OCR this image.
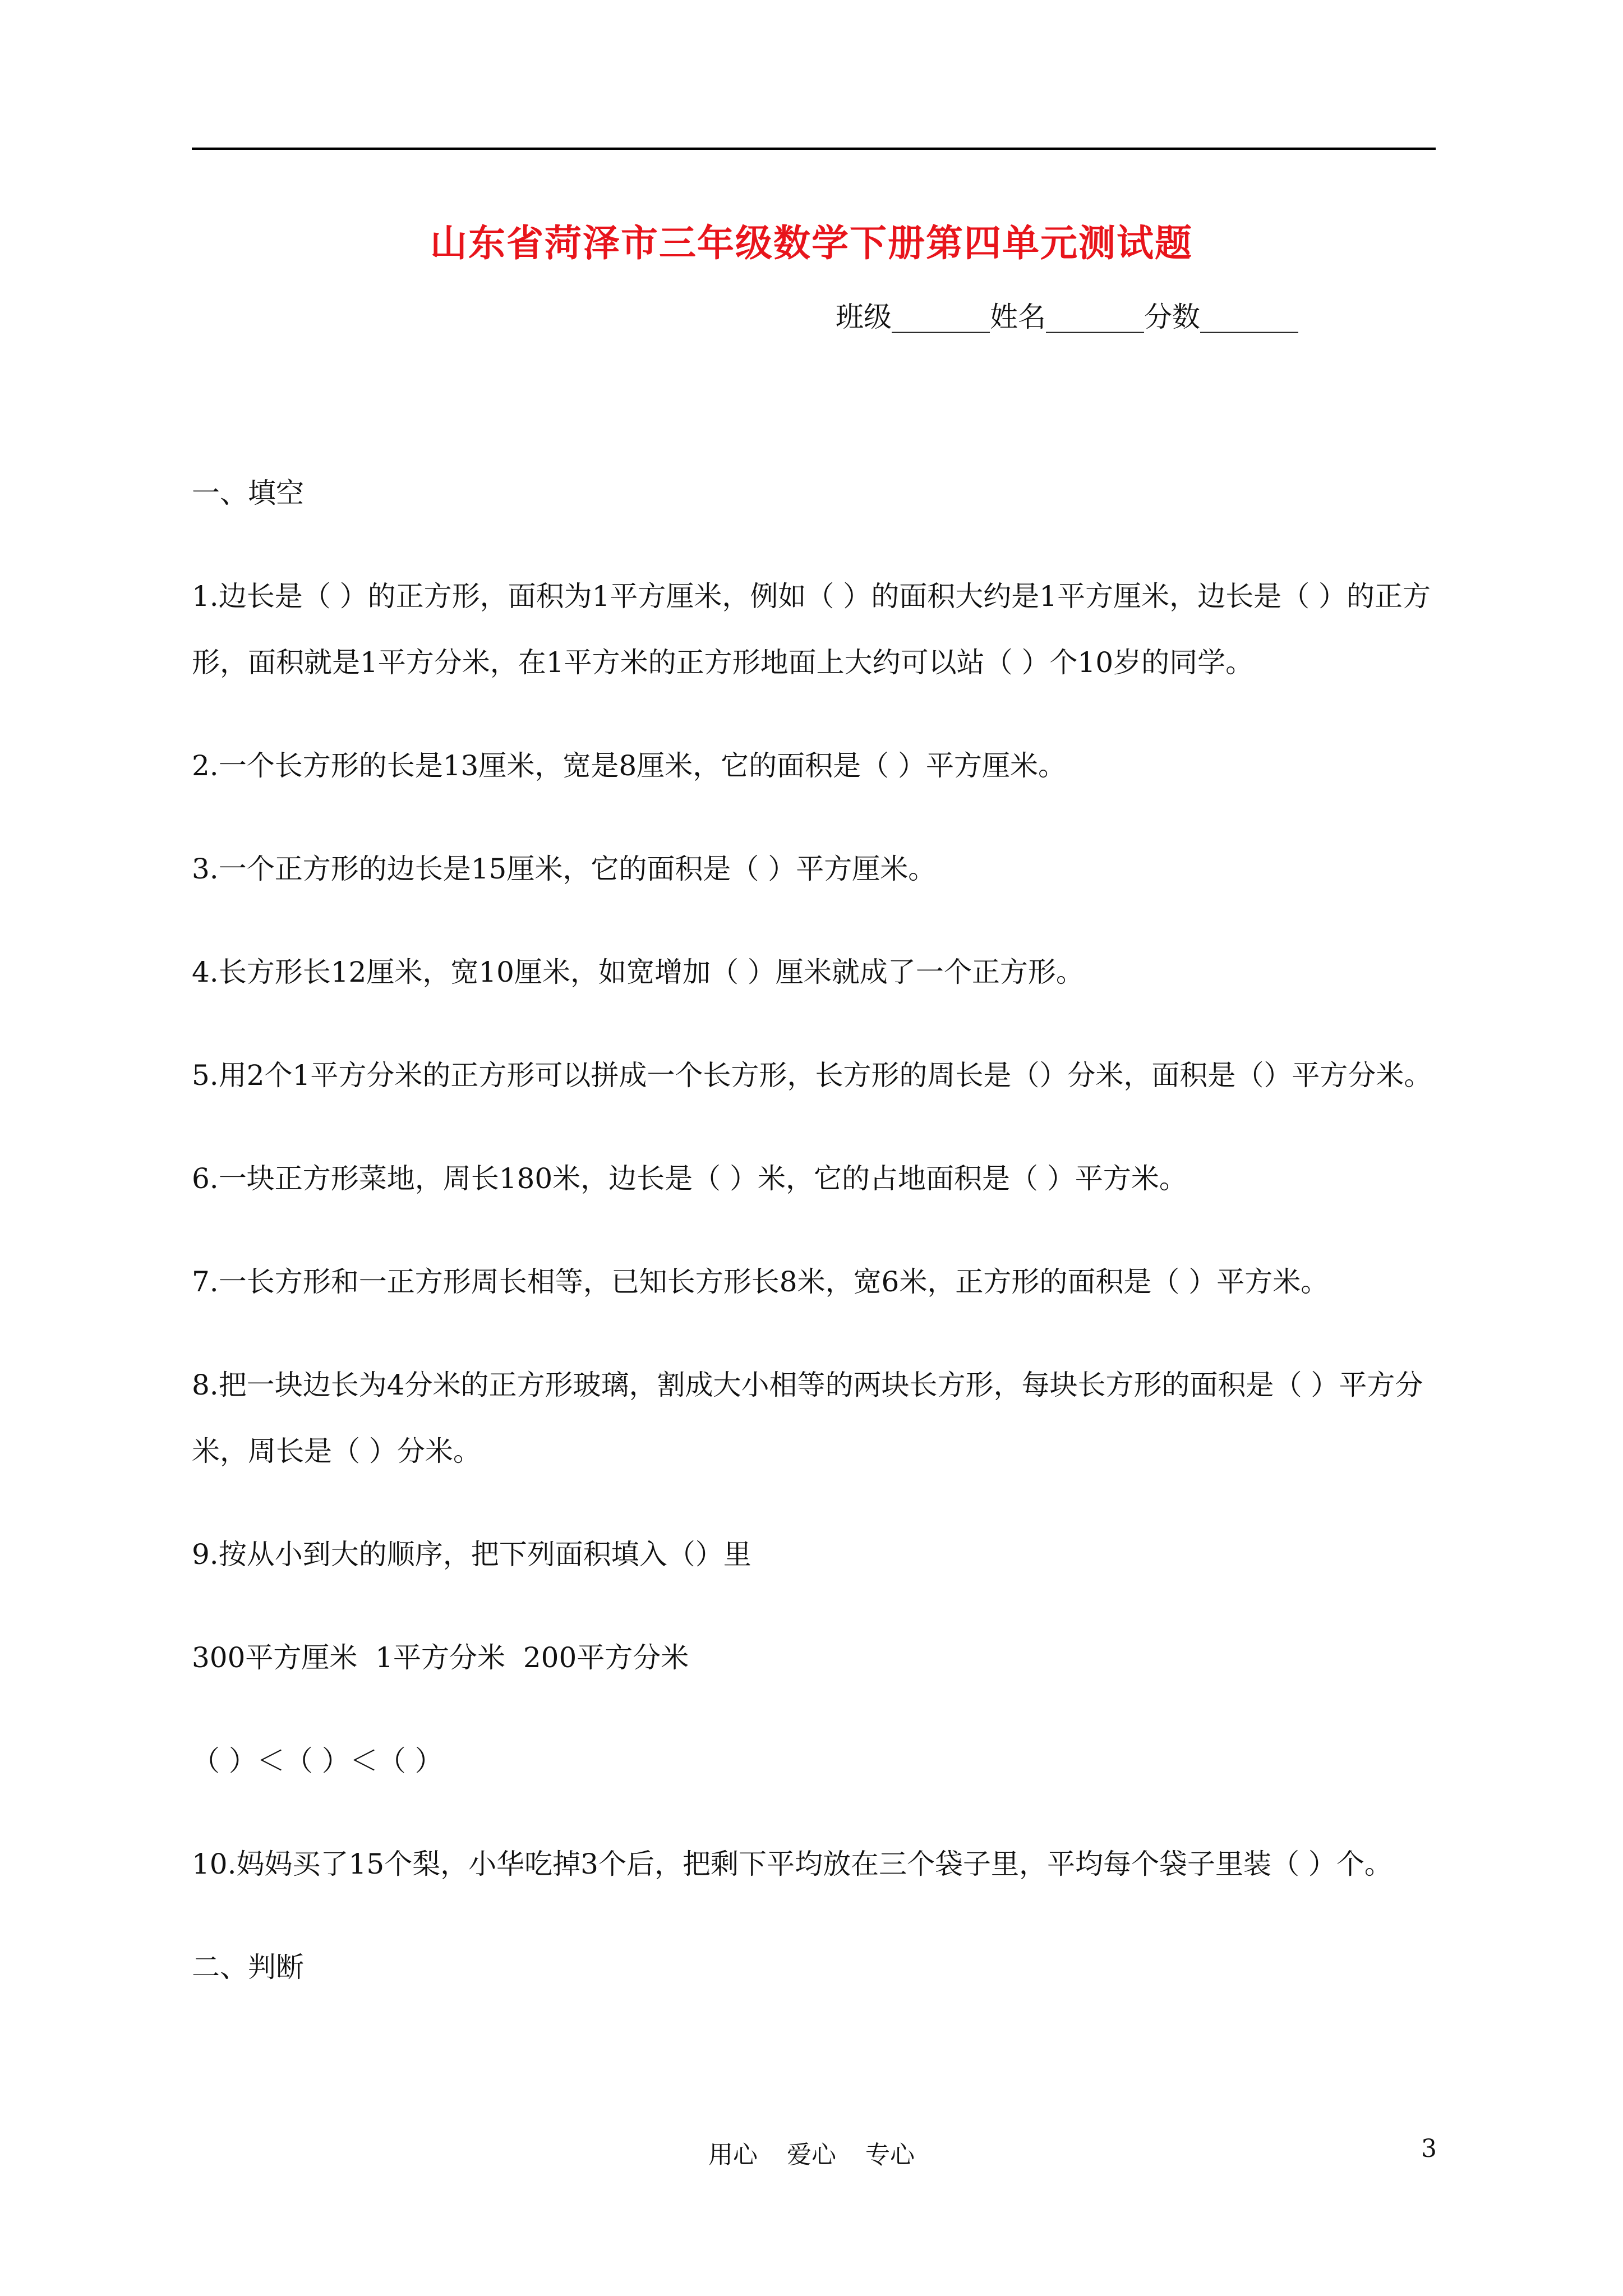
山东省菏泽市三年级数学下册第四单元测试题
班级_______姓名_______分数_______
一、填空
1.边长是（ ）的正方形，面积为1平方厘米，例如（ ）的面积大约是1平方厘米，边长是（ ）的正方形，面积就是1平方分米，在1平方米的正方形地面上大约可以站（ ）个10岁的同学。
2.一个长方形的长是13厘米，宽是8厘米，它的面积是（ ）平方厘米。
3.一个正方形的边长是15厘米，它的面积是（ ）平方厘米。
4.长方形长12厘米，宽10厘米，如宽增加（ ）厘米就成了一个正方形。
5.用2个1平方分米的正方形可以拼成一个长方形，长方形的周长是（）分米，面积是（）平方分米。
6.一块正方形菜地，周长180米，边长是（ ）米，它的占地面积是（ ）平方米。
7.一长方形和一正方形周长相等，已知长方形长8米，宽6米，正方形的面积是（ ）平方米。
8.把一块边长为4分米的正方形玻璃，割成大小相等的两块长方形，每块长方形的面积是（ ）平方分米，周长是（ ）分米。
9.按从小到大的顺序，把下列面积填入（）里
300平方厘米  1平方分米  200平方分米
（ ）＜（ ）＜（ ）
10.妈妈买了15个梨，小华吃掉3个后，把剩下平均放在三个袋子里，平均每个袋子里装（ ）个。
二、判断
用心 爱心 专心	3
